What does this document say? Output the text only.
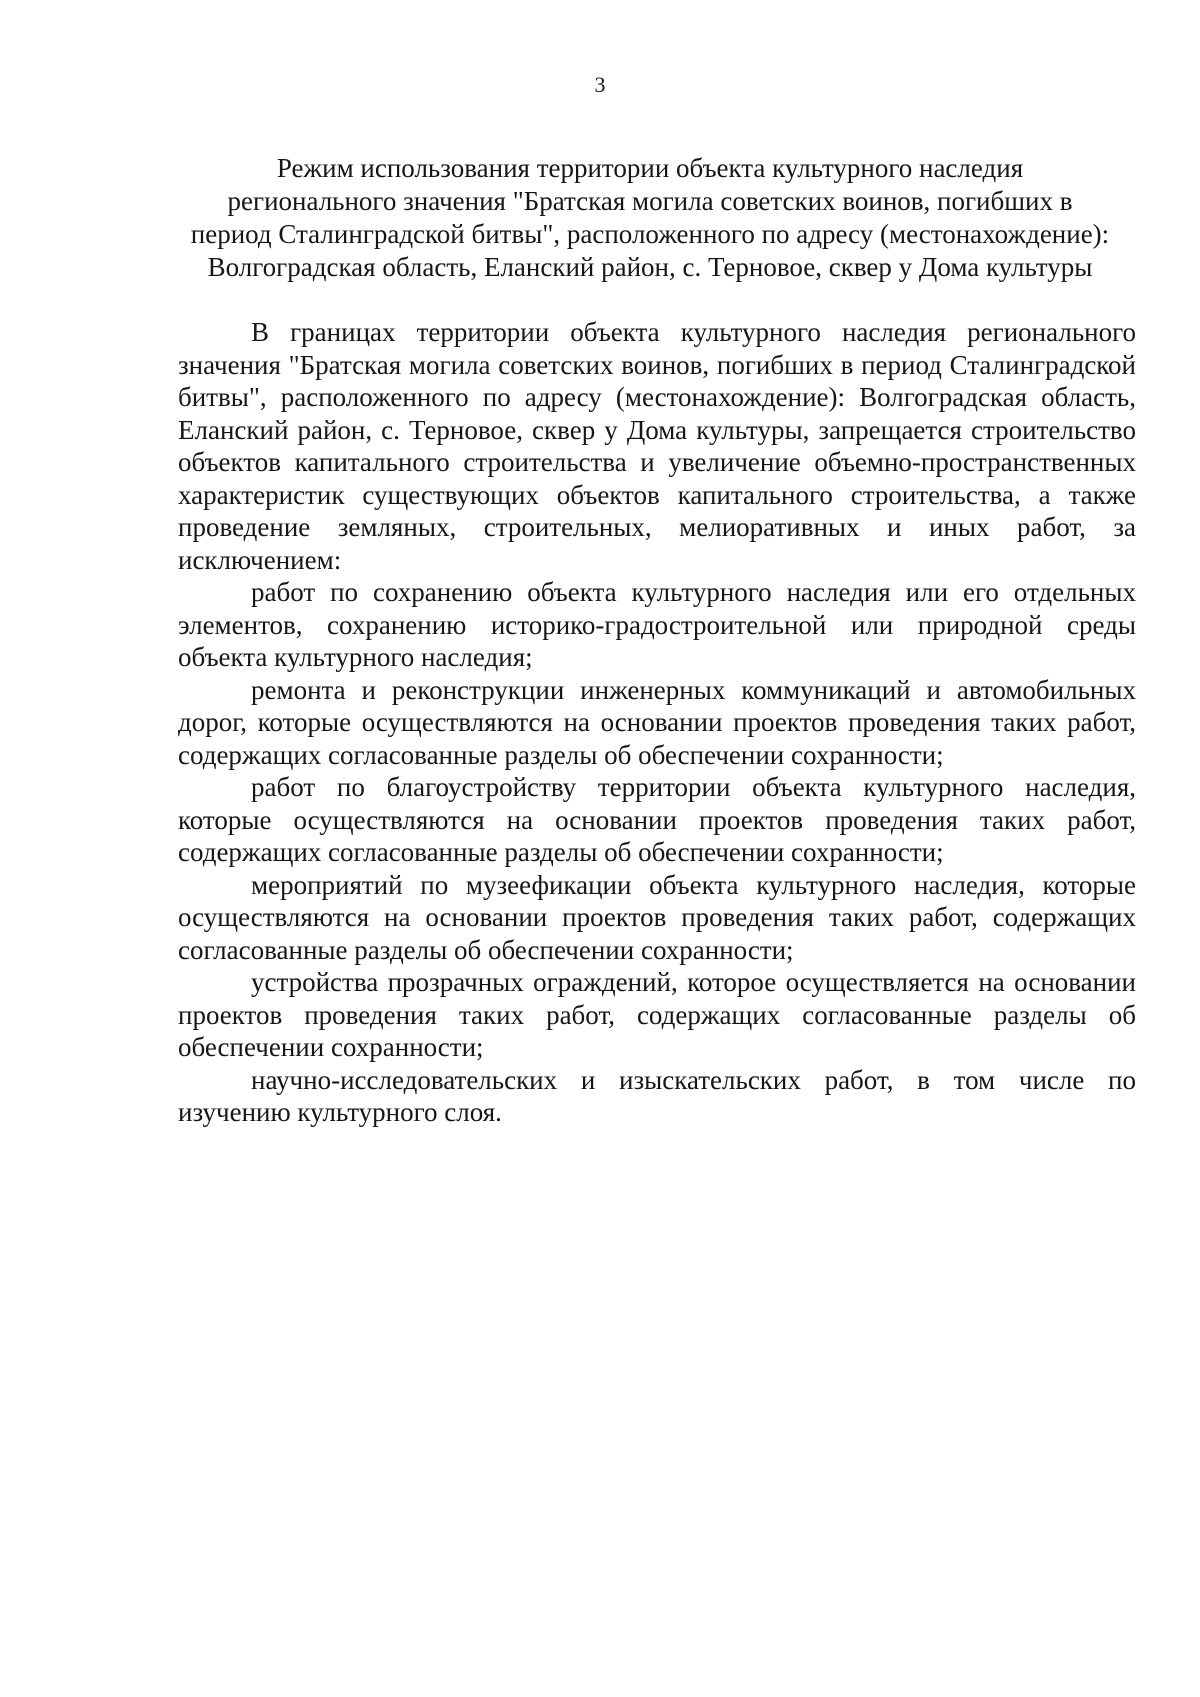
3
Режим использования территории объекта культурного наследия
регионального значения "Братская могила советских воинов, погибших в
период Сталинградской битвы", расположенного по адресу (местонахождение):
Волгоградская область, Еланский район, с. Терновое, сквер у Дома культуры

В границах территории объекта культурного наследия регионального значения "Братская могила советских воинов, погибших в период Сталинградской битвы", расположенного по адресу (местонахождение): Волгоградская область, Еланский район, с. Терновое, сквер у Дома культуры, запрещается строительство объектов капитального строительства и увеличение объемно-пространственных характеристик существующих объектов капитального строительства, а также проведение земляных, строительных, мелиоративных и иных работ, за исключением:

работ по сохранению объекта культурного наследия или его отдельных элементов, сохранению историко-градостроительной или природной среды объекта культурного наследия;

ремонта и реконструкции инженерных коммуникаций и автомобильных дорог, которые осуществляются на основании проектов проведения таких работ, содержащих согласованные разделы об обеспечении сохранности;

работ по благоустройству территории объекта культурного наследия, которые осуществляются на основании проектов проведения таких работ, содержащих согласованные разделы об обеспечении сохранности;

мероприятий по музеефикации объекта культурного наследия, которые осуществляются на основании проектов проведения таких работ, содержащих согласованные разделы об обеспечении сохранности;

устройства прозрачных ограждений, которое осуществляется на основании проектов проведения таких работ, содержащих согласованные разделы об обеспечении сохранности;

научно-исследовательских и изыскательских работ, в том числе по изучению культурного слоя.
